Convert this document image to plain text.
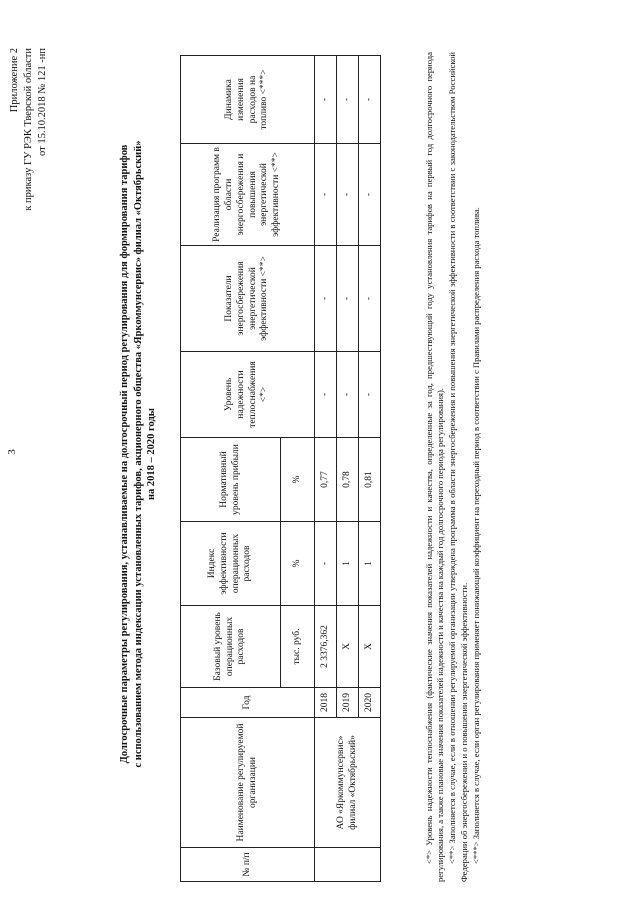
3
Приложение 2 к приказу ГУ РЭК Тверской области от 15.10.2018 № 121 -нп
Долгосрочные параметры регулирования, устанавливаемые на долгосрочный период регулирования для формирования тарифов с использованием метода индексации установленных тарифов, акционерного общества «Яркоммунсервис» филиал «Октябрьский» на 2018 – 2020 годы
№ п/п	Наименование регулируемой организации	Год	Базовый уровень операционных расходов	Индекс эффективности операционных расходов	Нормативный уровень прибыли	Уровень надежности теплоснабжения <*>	Показатели энергосбережения энергетической эффективности <**>	Реализация программ в области энергосбережения и повышения энергетической эффективности <**>	Динамика изменения расходов на топливо <***>
			тыс. руб.	%	%				
	АО «Яркоммунсервис» филиал «Октябрьский»	2018	2 3376,362	-	0,77	-	-	-	-
		2019	Х	1	0,78	-	-	-	-
		2020	Х	1	0,81	-	-	-	-	<*> Уровень надежности теплоснабжения (фактические значения показателей надежности и качества, определенные за год, предшествующий году установления тарифов на первый год долгосрочного периода регулирования, а также плановые значения показателей надежности и качества на каждый год долгосрочного периода регулирования). <**> Заполняется в случае, если в отношении регулируемой организации утверждена программа в области энергосбережения и повышения энергетической эффективности в соответствии с законодательством Российской Федерации об энергосбережении и о повышении энергетической эффективности. <***> Заполняется в случае, если орган регулирования применяет понижающий коэффициент на переходный период в соответствии с Правилами распределения расхода топлива.
